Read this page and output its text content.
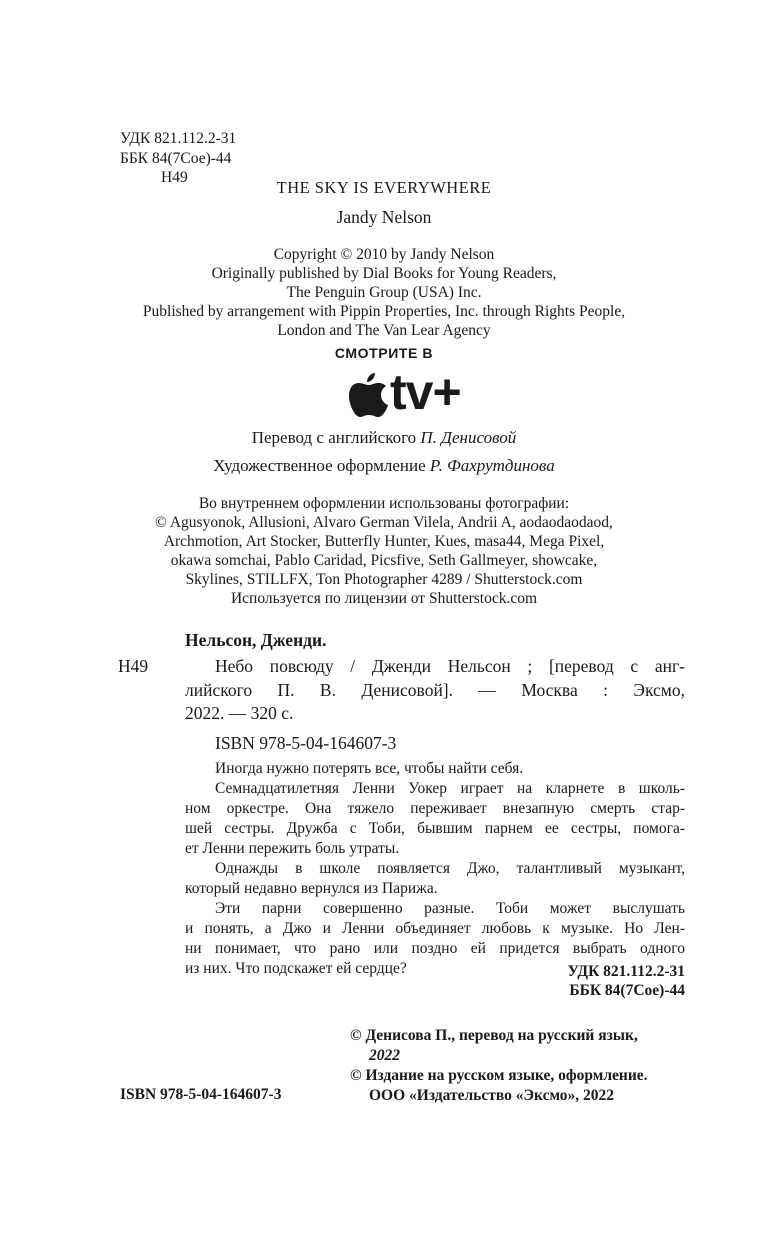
УДК 821.112.2-31
ББК 84(7Сое)-44
Н49
THE SKY IS EVERYWHERE
Jandy Nelson
Copyright © 2010 by Jandy Nelson
Originally published by Dial Books for Young Readers,
The Penguin Group (USA) Inc.
Published by arrangement with Pippin Properties, Inc. through Rights People,
London and The Van Lear Agency
СМОТРИТЕ В
tv+
Перевод с английского П. Денисовой
Художественное оформление Р. Фахрутдинова
Во внутреннем оформлении использованы фотографии:
© Agusyonok, Allusioni, Alvaro German Vilela, Andrii A, aodaodaodaod,
Archmotion, Art Stocker, Butterfly Hunter, Kues, masa44, Mega Pixel,
okawa somchai, Pablo Caridad, Picsfive, Seth Gallmeyer, showcake,
Skylines, STILLFX, Ton Photographer 4289 / Shutterstock.com
Используется по лицензии от Shutterstock.com
Нельсон, Дженди.
Н49	Небо повсюду / Дженди Нельсон ; [перевод с анг-
лийского П. В. Денисовой]. — Москва : Эксмо,
2022. — 320 с.
ISBN 978-5-04-164607-3
Иногда нужно потерять все, чтобы найти себя.
Семнадцатилетняя Ленни Уокер играет на кларнете в школь-
ном оркестре. Она тяжело переживает внезапную смерть стар-
шей сестры. Дружба с Тоби, бывшим парнем ее сестры, помога-
ет Ленни пережить боль утраты.
Однажды в школе появляется Джо, талантливый музыкант,
который недавно вернулся из Парижа.
Эти парни совершенно разные. Тоби может выслушать
и понять, а Джо и Ленни объединяет любовь к музыке. Но Лен-
ни понимает, что рано или поздно ей придется выбрать одного
из них. Что подскажет ей сердце?	УДК 821.112.2-31
ББК 84(7Сое)-44
ISBN 978-5-04-164607-3
© Денисова П., перевод на русский язык,
2022
© Издание на русском языке, оформление.
ООО «Издательство «Эксмо», 2022
